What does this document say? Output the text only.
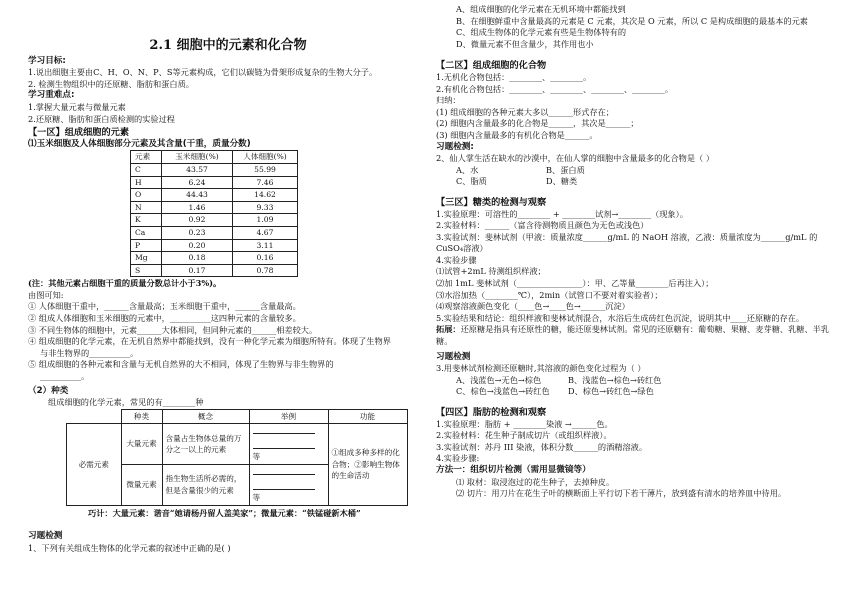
2.1 细胞中的元素和化合物
学习目标:
1.说出细胞主要由C、H、O、N、P、S等元素构成，它们以碳链为骨架形成复杂的生物大分子。
2. 检测生物组织中的还原糖、脂肪和蛋白质。
学习重难点:
1.掌握大量元素与微量元素
2.还原糖、脂肪和蛋白质检测的实验过程
【一区】组成细胞的元素
⑴玉米细胞及人体细胞部分元素及其含量(干重，质量分数)
元素	玉米细胞(%)	人体细胞(%)
C	43.57	55.99
H	6.24	7.46
O	44.43	14.62
N	1.46	9.33
K	0.92	1.09
Ca	0.23	4.67
P	0.20	3.11
Mg	0.18	0.16
S	0.17	0.78
(注：其他元素占细胞干重的质量分数总计小于3%)。
由图可知:
① 人体细胞干重中，______含量最高；玉米细胞干重中，______含量最高。
② 组成人体细胞和玉米细胞的元素中，__________这四种元素的含量较多。
③ 不同生物体的细胞中，元素______大体相同，但同种元素的______相差较大。
④ 组成细胞的化学元素，在无机自然界中都能找到，没有一种化学元素为细胞所特有。体现了生物界
与非生物界的__________。
⑤ 组成细胞的各种元素和含量与无机自然界的大不相同，体现了生物界与非生物界的
__________。
（2）种类
组成细胞的化学元素，常见的有________种
	种类	概念	举例	功能
必需元素	大量元素	含量占生物体总量的万分之一以上的元素	等	①组成多种多样的化合物；②影响生物体的生命活动
	微量元素	指生物生活所必需的，但是含量很少的元素	等	
巧计：大量元素：谐音“她请杨丹留人盖美家”；微量元素：“铁锰碰新木桶”
习题检测
1、下列有关组成生物体的化学元素的叙述中正确的是( )
A、组成细胞的化学元素在无机环境中都能找到
B、在细胞鲜重中含量最高的元素是 C 元素，其次是 O 元素，所以 C 是构成细胞的最基本的元素
C、组成生物体的化学元素有些是生物体特有的
D、微量元素不但含量少，其作用也小
【二区】组成细胞的化合物
1.无机化合物包括：________、________。
2.有机化合物包括：________、________、________、________。
归纳：
(1) 组成细胞的各种元素大多以______形式存在；
(2) 细胞内含量最多的化合物是______，其次是______；
(3) 细胞内含量最多的有机化合物是______。
习题检测:
2、仙人掌生活在缺水的沙漠中，在仙人掌的细胞中含量最多的化合物是（ ）
A、水	B、蛋白质
C、脂质	D、糖类
【三区】糖类的检测与观察
1.实验原理：可溶性的________ + ________试剂→________（现象）。
2.实验材料：______（富含待测物质且颜色为无色或浅色）
3.实验试剂：斐林试剂（甲液：质量浓度______g/mL 的 NaOH 溶液，乙液：质量浓度为______g/mL 的
CuSO₄溶液）
4.实验步骤
⑴试管+2mL 待测组织样液；
⑵加 1mL 斐林试剂（________________）：甲、乙等量________后再注入）；
⑶水浴加热（________℃），2min（试管口不要对着实验者）；
⑷观察溶液颜色变化（____色→____色→______沉淀）
5.实验结果和结论：组织样液和斐林试剂混合，水浴后生成砖红色沉淀，说明其中____还原糖的存在。
拓展：还原糖是指具有还原性的糖，能还原斐林试剂。常见的还原糖有：葡萄糖、果糖、麦芽糖、乳糖、半乳糖。
习题检测
3.用斐林试剂检测还原糖时,其溶液的颜色变化过程为（ ）
A、浅蓝色→无色→棕色	B、浅蓝色→棕色→砖红色
C、棕色→浅蓝色→砖红色	D、棕色→砖红色→绿色
【四区】脂肪的检测和观察
1.实验原理：脂肪 + ________染液 →______色。
2.实验材料：花生种子制成切片（或组织样液）。
3.实验试剂：苏丹 III 染液，体积分数______的酒精溶液。
4.实验步骤:
方法一：组织切片检测（需用显微镜等）
⑴ 取材：取浸泡过的花生种子，去掉种皮。
⑵ 切片：用刀片在花生子叶的横断面上平行切下若干薄片，放到盛有清水的培养皿中待用。
